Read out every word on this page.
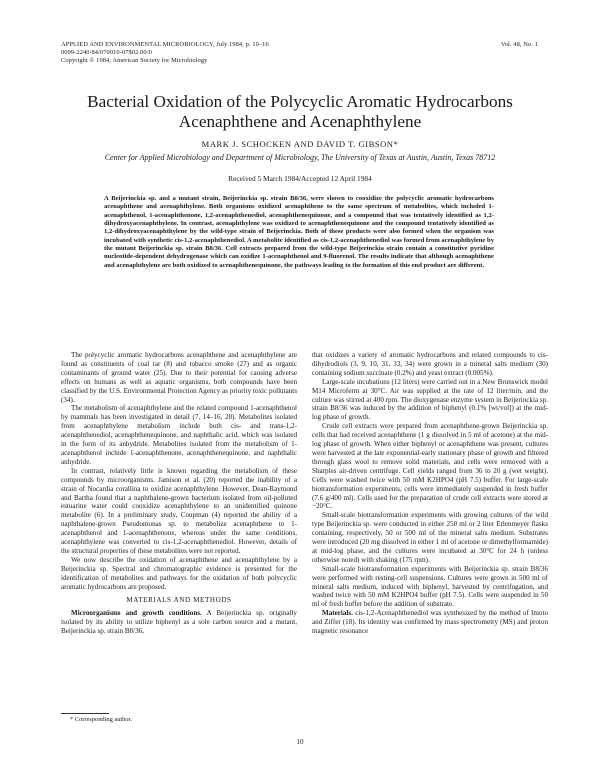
APPLIED AND ENVIRONMENTAL MICROBIOLOGY, July 1984, p. 10–16
0099-2240/84/070010-07$02.00/0
Copyright © 1984, American Society for Microbiology
Vol. 48, No. 1
Bacterial Oxidation of the Polycyclic Aromatic Hydrocarbons
Acenaphthene and Acenaphthylene
MARK J. SCHOCKEN AND DAVID T. GIBSON*
Center for Applied Microbiology and Department of Microbiology, The University of Texas at Austin, Austin, Texas 78712
Received 5 March 1984/Accepted 12 April 1984
A Beijerinckia sp. and a mutant strain, Beijerinckia sp. strain B8/36, were shown to cooxidize the polycyclic aromatic hydrocarbons acenaphthene and acenaphthylene. Both organisms oxidized acenaphthene to the same spectrum of metabolites, which included 1-acenaphthenol, 1-acenaphthenone, 1,2-acenaphthenediol, acenaphthenequinone, and a compound that was tentatively identified as 1,2-dihydroxyacenaphthylene. In contrast, acenaphthylene was oxidized to acenaphthenequinone and the compound tentatively identified as 1,2-dihydroxyacenaphthylene by the wild-type strain of Beijerinckia. Both of these products were also formed when the organism was incubated with synthetic cis-1,2-acenaphthenediol. A metabolite identified as cis-1,2-acenaphthenediol was formed from acenaphthylene by the mutant Beijerinckia sp. strain B8/36. Cell extracts prepared from the wild-type Beijerinckia strain contain a constitutive pyridine nucleotide-dependent dehydrogenase which can oxidize 1-acenaphthenol and 9-fluorenol. The results indicate that although acenaphthene and acenaphthylene are both oxidized to acenaphthenequinone, the pathways leading to the formation of this end product are different.

The polycyclic aromatic hydrocarbons acenaphthene and acenaphthylene are found as constituents of coal tar (8) and tobacco smoke (27) and as organic contaminants of ground water (25). Due to their potential for causing adverse effects on humans as well as aquatic organisms, both compounds have been classified by the U.S. Environmental Protection Agency as priority toxic pollutants (34).

The metabolism of acenaphthylene and the related compound 1-acenaphthenol by mammals has been investigated in detail (7, 14–16, 28). Metabolites isolated from acenaphthylene metabolism include both cis- and trans-1,2-acenaphthenediol, acenaphthenequinone, and naphthalic acid, which was isolated in the form of its anhydride. Metabolites isolated from the metabolism of 1-acenaphthenol include 1-acenaphthenone, acenaphthenequinone, and naphthalic anhydride.

In contrast, relatively little is known regarding the metabolism of these compounds by microorganisms. Jamison et al. (20) reported the inability of a strain of Nocardia corallina to oxidize acenaphthylene. However, Dean-Raymond and Bartha found that a naphthalene-grown bacterium isolated from oil-polluted estuarine water could cooxidize acenaphthylene to an unidentified quinone metabolite (6). In a preliminary study, Coupman (4) reported the ability of a naphthalene-grown Pseudomonas sp. to metabolize acenaphthene to 1-acenaphthenol and 1-acenaphthenone, whereas under the same conditions, acenaphthylene was converted to cis-1,2-acenaphthenediol. However, details of the structural properties of these metabolites were not reported.

We now describe the oxidation of acenaphthene and acenaphthylene by a Beijerinckia sp. Spectral and chromatographic evidence is presented for the identification of metabolites and pathways for the oxidation of both polycyclic aromatic hydrocarbons are proposed.

MATERIALS AND METHODS

Microorganisms and growth conditions. A Beijerinckia sp. originally isolated by its ability to utilize biphenyl as a sole carbon source and a mutant, Beijerinckia sp. strain B8/36,

that oxidizes a variety of aromatic hydrocarbons and related compounds to cis-dihydrodiols (3, 9, 10, 31, 33, 34) were grown in a mineral salts medium (30) containing sodium succinate (0.2%) and yeast extract (0.005%).

Large-scale incubations (12 liters) were carried out in a New Brunswick model M14 Microferm at 30°C. Air was supplied at the rate of 12 liter/min, and the culture was stirred at 400 rpm. The dioxygenase enzyme system in Beijerinckia sp. strain B8/36 was induced by the addition of biphenyl (0.1% [wt/vol]) at the mid-log phase of growth.

Crude cell extracts were prepared from acenaphthene-grown Beijerinckia sp. cells that had received acenaphthene (1 g dissolved in 5 ml of acetone) at the mid-log phase of growth. When either biphenyl or acenaphthene was present, cultures were harvested at the late exponential-early stationary phase of growth and filtered through glass wool to remove solid materials, and cells were removed with a Sharples air-driven centrifuge. Cell yields ranged from 36 to 20 g (wet weight). Cells were washed twice with 50 mM K2HPO4 (pH 7.5) buffer. For large-scale biotransformation experiments, cells were immediately suspended in fresh buffer (7.6 g/400 ml). Cells used for the preparation of crude cell extracts were stored at −20°C.

Small-scale biotransformation experiments with growing cultures of the wild type Beijerinckia sp. were conducted in either 250 ml or 2 liter Erlenmeyer flasks containing, respectively, 50 or 500 ml of the mineral salts medium. Substrates were introduced (20 mg dissolved in either 1 ml of acetone or dimethylformamide) at mid-log phase, and the cultures were incubated at 30°C for 24 h (unless otherwise noted) with shaking (175 rpm).

Small-scale biotransformation experiments with Beijerinckia sp. strain B8/36 were performed with resting-cell suspensions. Cultures were grown in 500 ml of mineral salts medium, induced with biphenyl, harvested by centrifugation, and washed twice with 50 mM K2HPO4 buffer (pH 7.5). Cells were suspended in 50 ml of fresh buffer before the addition of substrate.

Materials. cis-1,2-Acenaphthenediol was synthesized by the method of Imoto and Ziffer (18). Its identity was confirmed by mass spectrometry (MS) and proton magnetic resonance

* Corresponding author.
10
